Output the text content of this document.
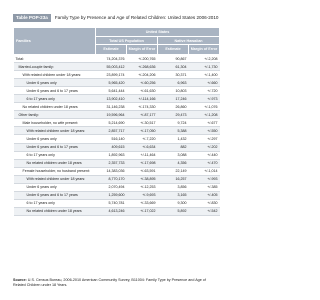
Table POP-23a	Family Type by Presence and Age of Related Children: United States 2006-2010
Families	United States			
	Total US Population		Native Hawaiian	
	Estimate	Margin of Error	Estimate	Margin of Error
Total:	74,204,376	+/-200,765	90,867	+/-2,208
Married-couple family:	55,003,412	+/-268,636	61,304	+/-1,730
With related children under 18 years:	23,899,174	+/-204,206	30,371	+/-1,400
Under 6 years only	5,965,420	+/-60,256	6,963	+/-660
Under 6 years and 6 to 17 years	5,641,444	+/-61,630	10,803	+/-720
6 to 17 years only	13,902,410	+/-114,166	17,246	+/-973
No related children under 18 years	31,146,238	+/-174,330	26,860	+/-1,076
Other family:	19,596,964	+/-87,177	29,473	+/-1,208
Male householder, no wife present:	5,214,690	+/-30,517	9,724	+/-677
With related children under 18 years:	2,857,717	+/-17,050	5,388	+/-550
Under 6 years only	516,140	+/-7,220	1,432	+/-297
Under 6 years and 6 to 17 years	409,615	+/-6,634	882	+/-202
6 to 17 years only	1,892,963	+/-11,464	3,088	+/-440
No related children under 18 years	2,357,733	+/-17,698	4,356	+/-470
Female householder, no husband present:	14,383,036	+/-63,591	22,149	+/-1,014
With related children under 18 years:	8,770,170	+/-38,895	16,257	+/-993
Under 6 years only	2,070,494	+/-12,253	3,856	+/-385
Under 6 years and 6 to 17 years	1,259,600	+/-9,693	3,165	+/-405
6 to 17 years only	5,740,781	+/-33,669	9,300	+/-830
No related children under 18 years	4,613,246	+/-17,022	5,892	+/-542
Source: U.S. Census Bureau, 2006-2010 American Community Survey, B11004: Family Type by Presence and Age of Related Children under 18 Years.
